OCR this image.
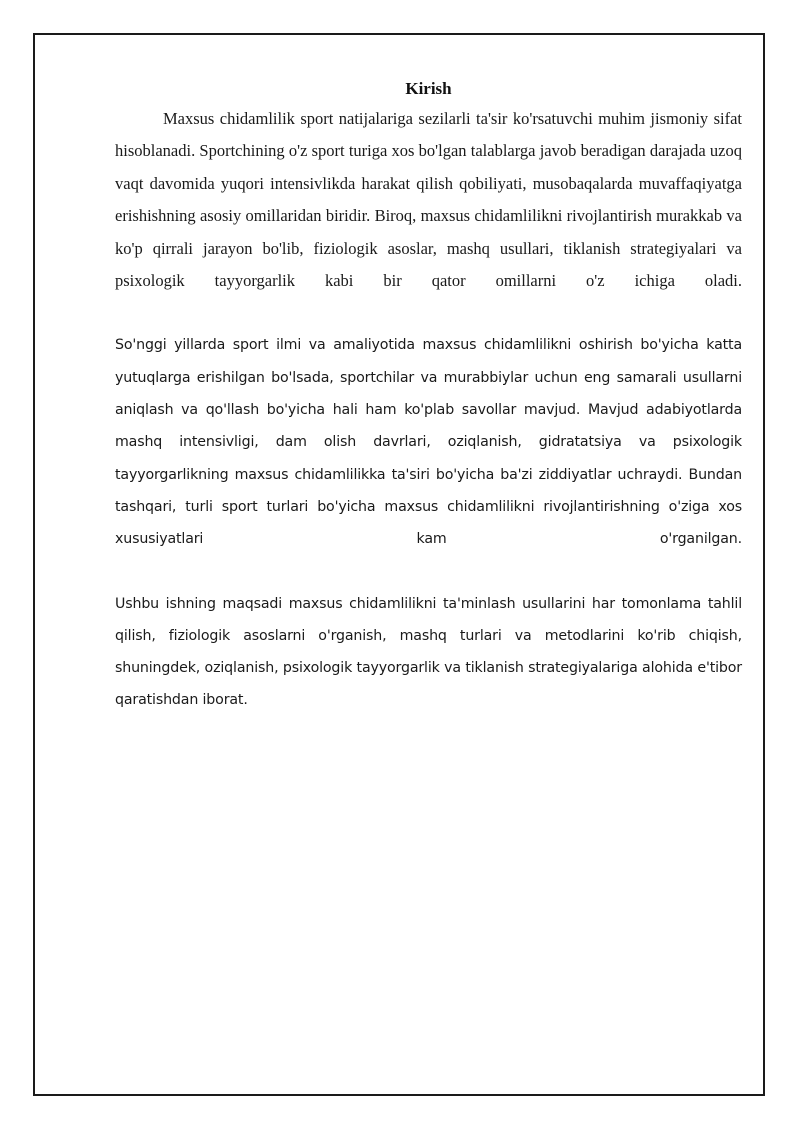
Kirish

Maxsus chidamlilik sport natijalariga sezilarli ta'sir ko'rsatuvchi muhim jismoniy sifat hisoblanadi. Sportchining o'z sport turiga xos bo'lgan talablarga javob beradigan darajada uzoq vaqt davomida yuqori intensivlikda harakat qilish qobiliyati, musobaqalarda muvaffaqiyatga erishishning asosiy omillaridan biridir. Biroq, maxsus chidamlilikni rivojlantirish murakkab va ko'p qirrali jarayon bo'lib, fiziologik asoslar, mashq usullari, tiklanish strategiyalari va psixologik tayyorgarlik kabi bir qator omillarni o'z ichiga oladi.

So'nggi yillarda sport ilmi va amaliyotida maxsus chidamlilikni oshirish bo'yicha katta yutuqlarga erishilgan bo'lsada, sportchilar va murabbiylar uchun eng samarali usullarni aniqlash va qo'llash bo'yicha hali ham ko'plab savollar mavjud. Mavjud adabiyotlarda mashq intensivligi, dam olish davrlari, oziqlanish, gidratatsiya va psixologik tayyorgarlikning maxsus chidamlilikka ta'siri bo'yicha ba'zi ziddiyatlar uchraydi. Bundan tashqari, turli sport turlari bo'yicha maxsus chidamlilikni rivojlantirishning o'ziga xos xususiyatlari kam o'rganilgan.

Ushbu ishning maqsadi maxsus chidamlilikni ta'minlash usullarini har tomonlama tahlil qilish, fiziologik asoslarni o'rganish, mashq turlari va metodlarini ko'rib chiqish, shuningdek, oziqlanish, psixologik tayyorgarlik va tiklanish strategiyalariga alohida e'tibor qaratishdan iborat.
